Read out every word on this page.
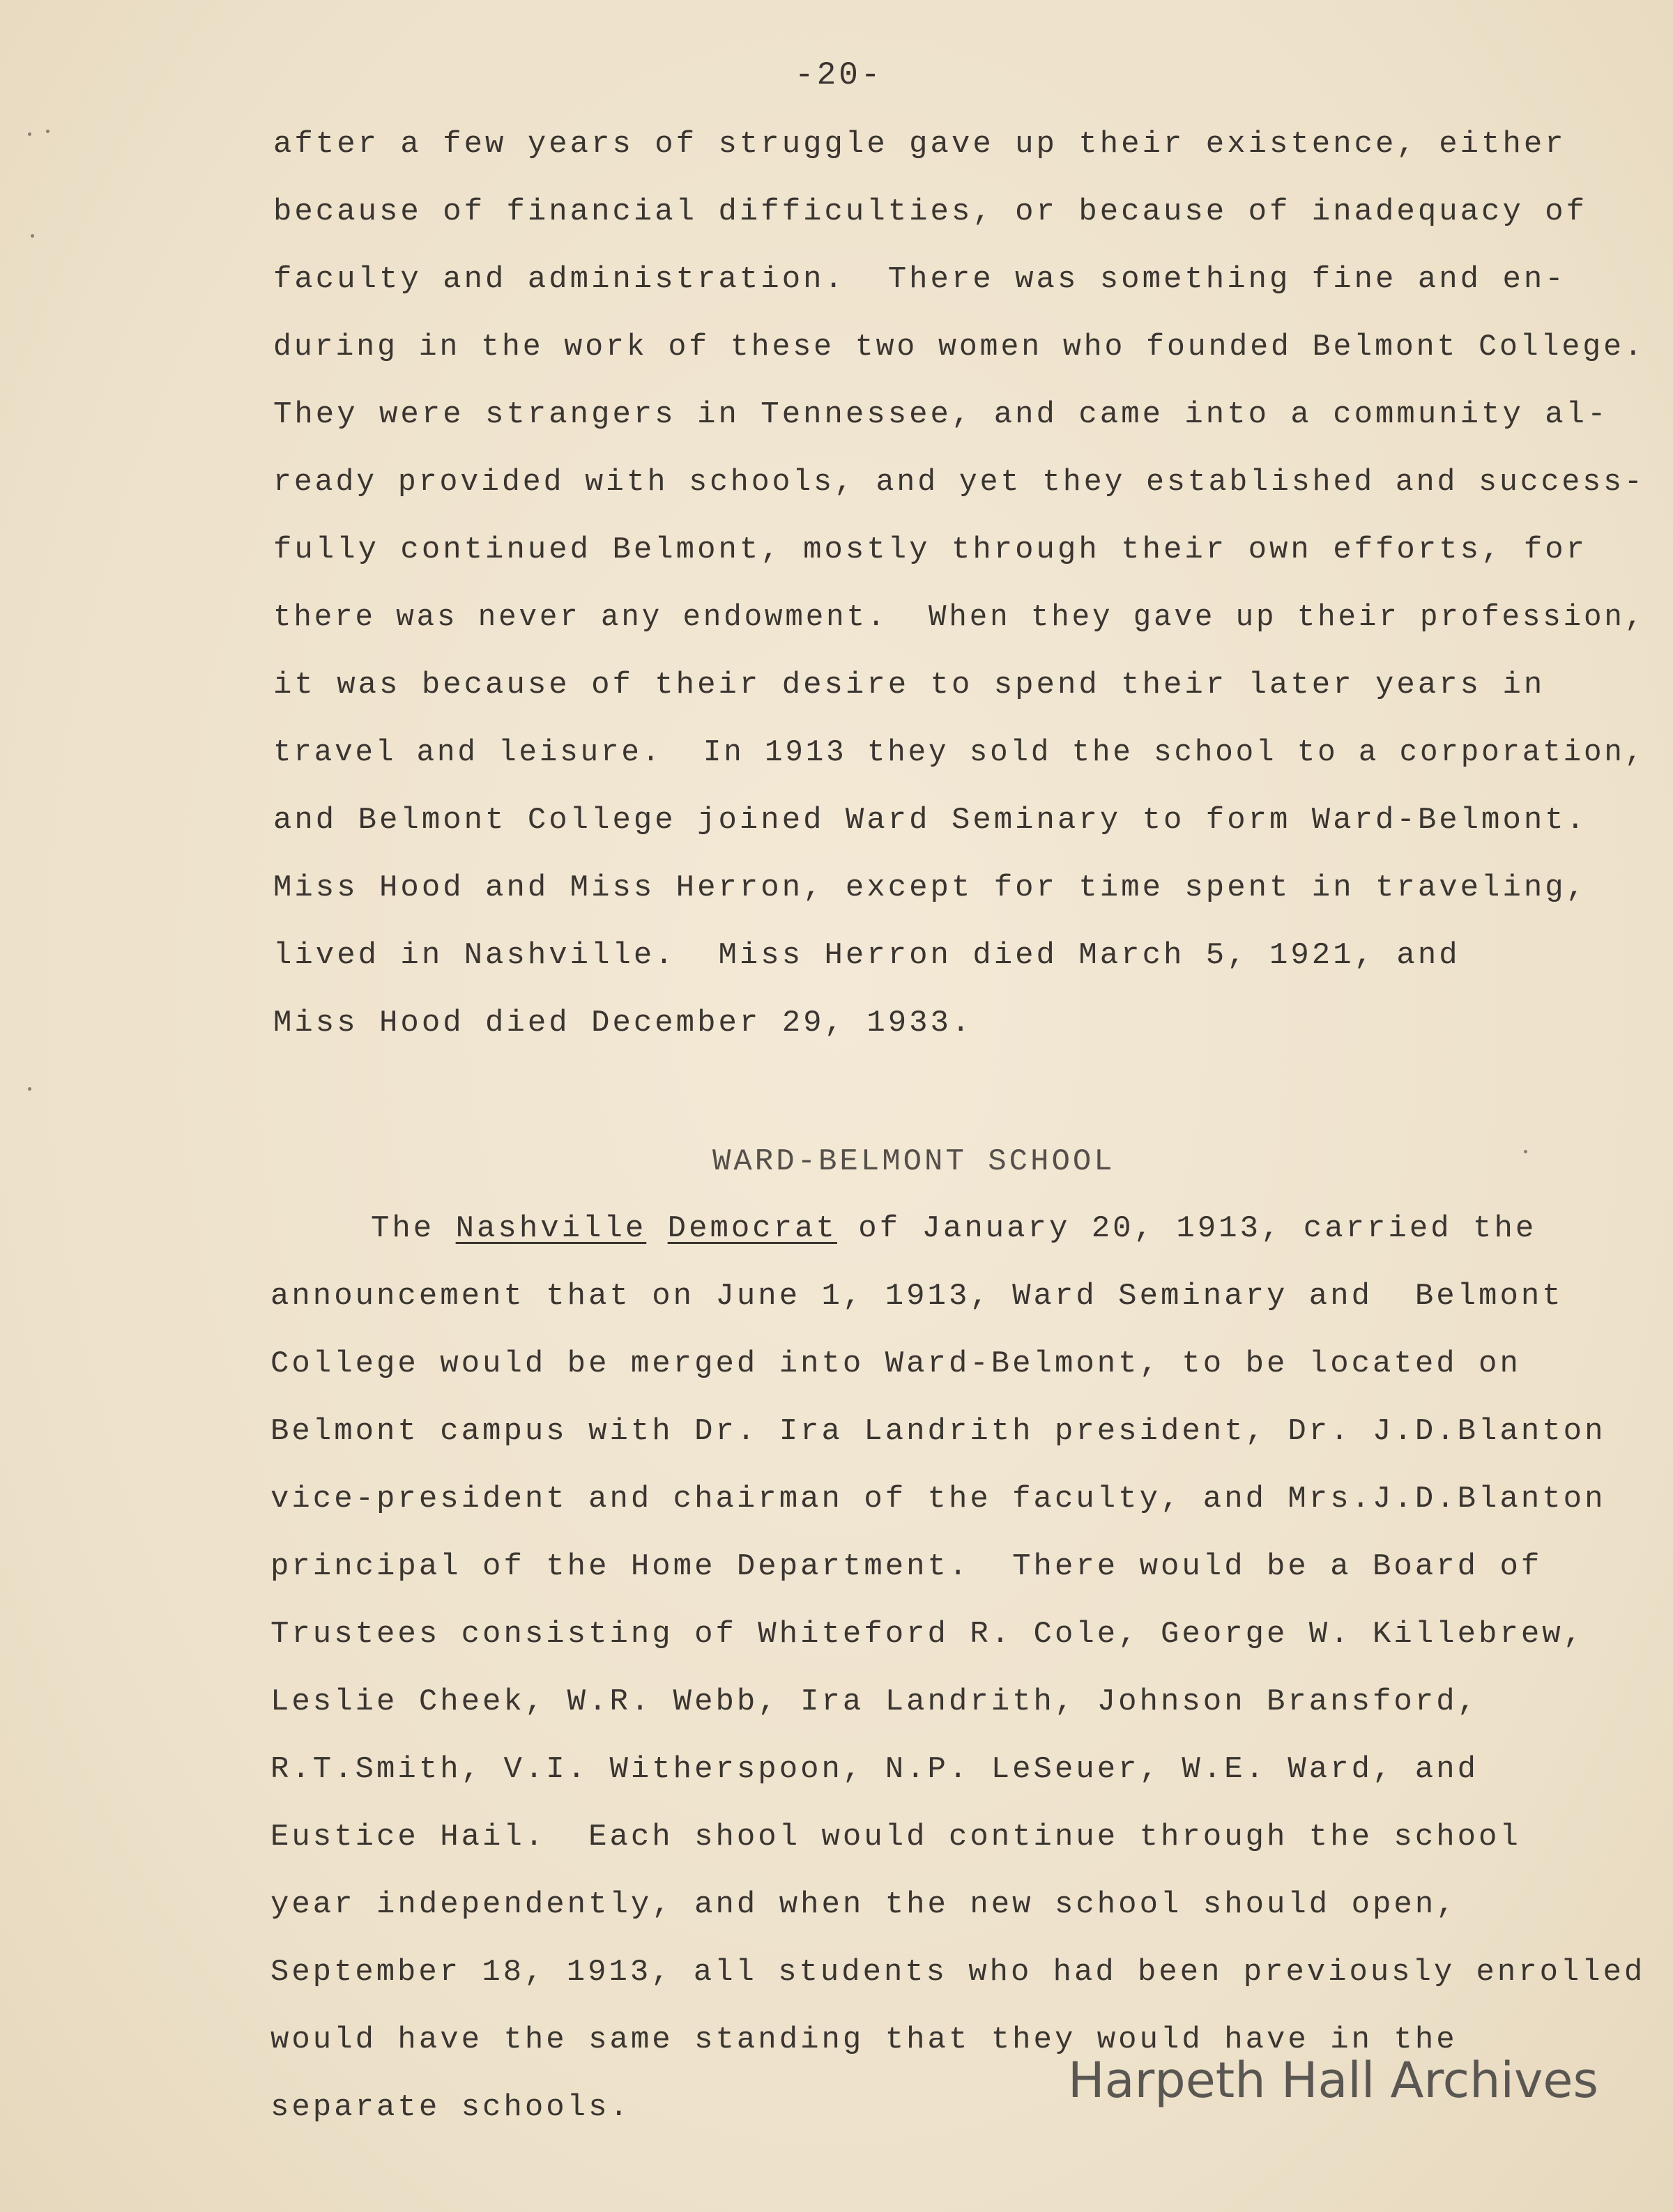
-20-
after a few years of struggle gave up their existence, either
because of financial difficulties, or because of inadequacy of
faculty and administration.  There was something fine and en-
during in the work of these two women who founded Belmont College.
They were strangers in Tennessee, and came into a community al-
ready provided with schools, and yet they established and success-
fully continued Belmont, mostly through their own efforts, for
there was never any endowment.  When they gave up their profession,
it was because of their desire to spend their later years in
travel and leisure.  In 1913 they sold the school to a corporation,
and Belmont College joined Ward Seminary to form Ward-Belmont.
Miss Hood and Miss Herron, except for time spent in traveling,
lived in Nashville.  Miss Herron died March 5, 1921, and
Miss Hood died December 29, 1933.
WARD-BELMONT SCHOOL
The Nashville Democrat of January 20, 1913, carried the
announcement that on June 1, 1913, Ward Seminary and  Belmont
College would be merged into Ward-Belmont, to be located on
Belmont campus with Dr. Ira Landrith president, Dr. J.D.Blanton
vice-president and chairman of the faculty, and Mrs.J.D.Blanton
principal of the Home Department.  There would be a Board of
Trustees consisting of Whiteford R. Cole, George W. Killebrew,
Leslie Cheek, W.R. Webb, Ira Landrith, Johnson Bransford,
R.T.Smith, V.I. Witherspoon, N.P. LeSeuer, W.E. Ward, and
Eustice Hail.  Each shool would continue through the school
year independently, and when the new school should open,
September 18, 1913, all students who had been previously enrolled
would have the same standing that they would have in the
separate schools.	Harpeth Hall Archives
